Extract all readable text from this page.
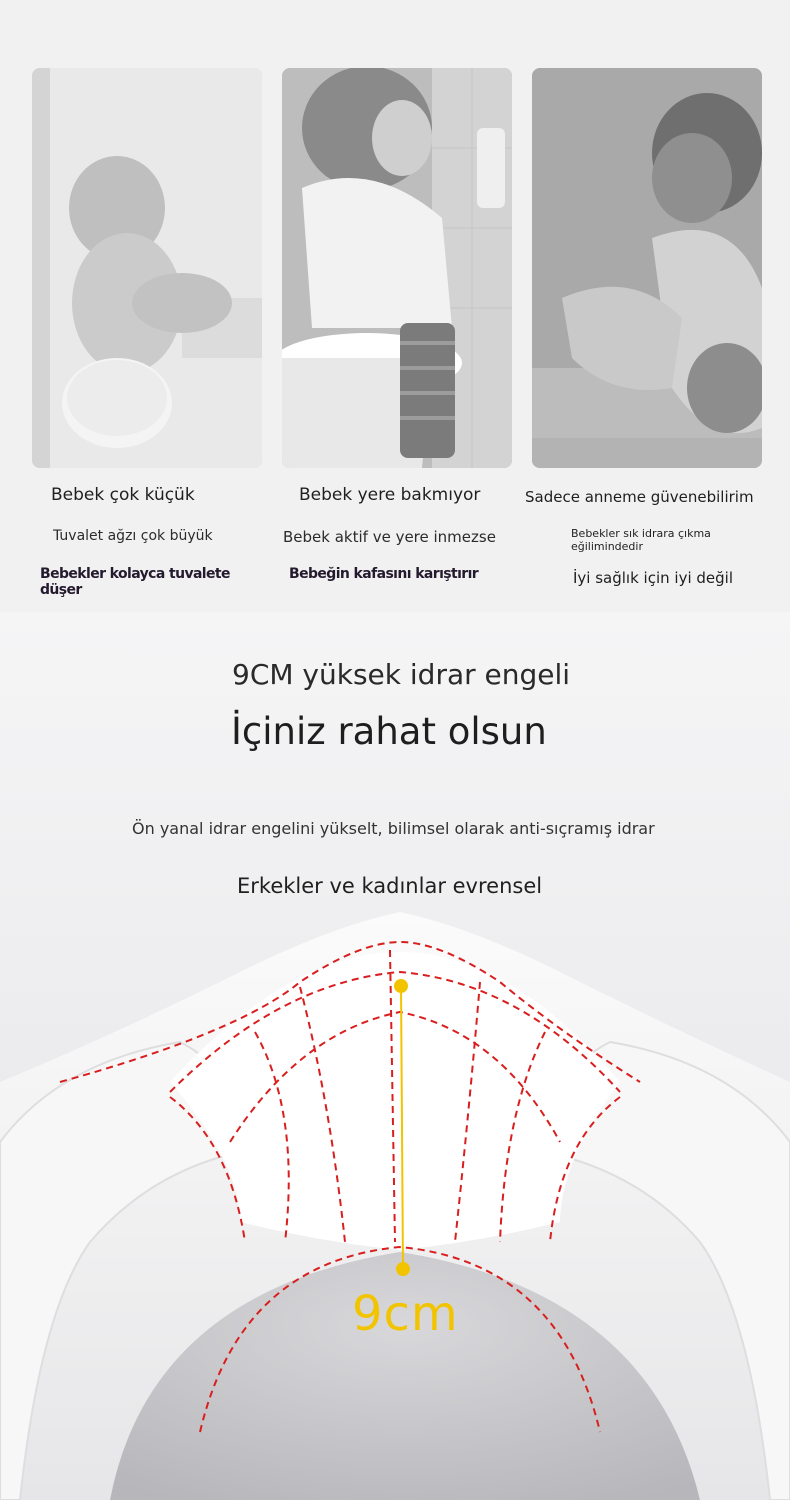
Bebek çok küçük	Bebek yere bakmıyor	Sadece anneme güvenebilirim
Tuvalet ağzı çok büyük	Bebek aktif ve yere inmezse	Bebekler sık idrara çıkma eğilimindedir
Bebekler kolayca tuvalete düşer
Bebeğin kafasını karıştırır	İyi sağlık için iyi değil
9CM yüksek idrar engeli
İçiniz rahat olsun
Ön yanal idrar engelini yükselt, bilimsel olarak anti-sıçramış idrar
Erkekler ve kadınlar evrensel
9cm
